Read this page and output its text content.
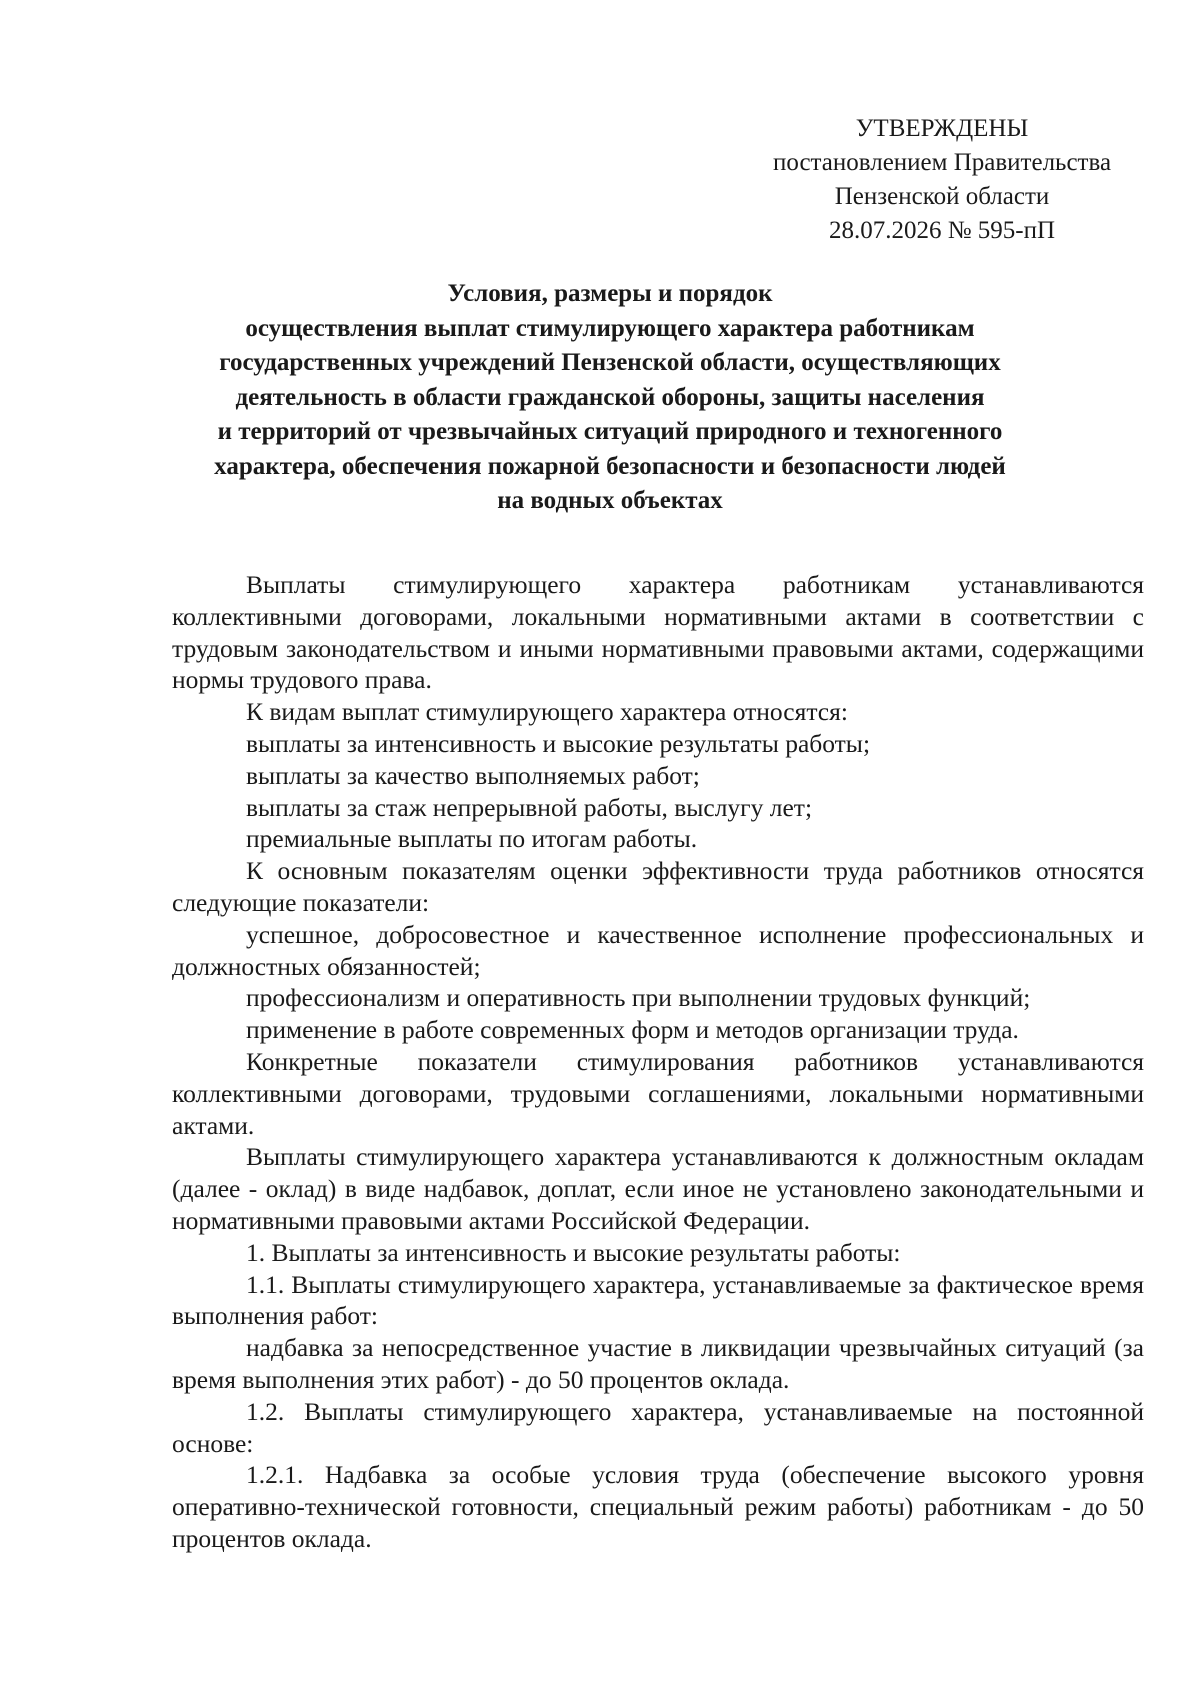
УТВЕРЖДЕНЫ
постановлением Правительства
Пензенской области
28.07.2026 № 595-пП
Условия, размеры и порядок
осуществления выплат стимулирующего характера работникам
государственных учреждений Пензенской области, осуществляющих
деятельность в области гражданской обороны, защиты населения
и территорий от чрезвычайных ситуаций природного и техногенного
характера, обеспечения пожарной безопасности и безопасности людей
на водных объектах

Выплаты стимулирующего характера работникам устанавливаются коллективными договорами, локальными нормативными актами в соответствии с трудовым законодательством и иными нормативными правовыми актами, содержащими нормы трудового права.

К видам выплат стимулирующего характера относятся:

выплаты за интенсивность и высокие результаты работы;

выплаты за качество выполняемых работ;

выплаты за стаж непрерывной работы, выслугу лет;

премиальные выплаты по итогам работы.

К основным показателям оценки эффективности труда работников относятся следующие показатели:

успешное, добросовестное и качественное исполнение профессиональных и должностных обязанностей;

профессионализм и оперативность при выполнении трудовых функций;

применение в работе современных форм и методов организации труда.

Конкретные показатели стимулирования работников устанавливаются коллективными договорами, трудовыми соглашениями, локальными нормативными актами.

Выплаты стимулирующего характера устанавливаются к должностным окладам (далее - оклад) в виде надбавок, доплат, если иное не установлено законодательными и нормативными правовыми актами Российской Федерации.

1. Выплаты за интенсивность и высокие результаты работы:

1.1. Выплаты стимулирующего характера, устанавливаемые за фактическое время выполнения работ:

надбавка за непосредственное участие в ликвидации чрезвычайных ситуаций (за время выполнения этих работ) - до 50 процентов оклада.

1.2. Выплаты стимулирующего характера, устанавливаемые на постоянной основе:

1.2.1. Надбавка за особые условия труда (обеспечение высокого уровня оперативно-технической готовности, специальный режим работы) работникам - до 50 процентов оклада.
